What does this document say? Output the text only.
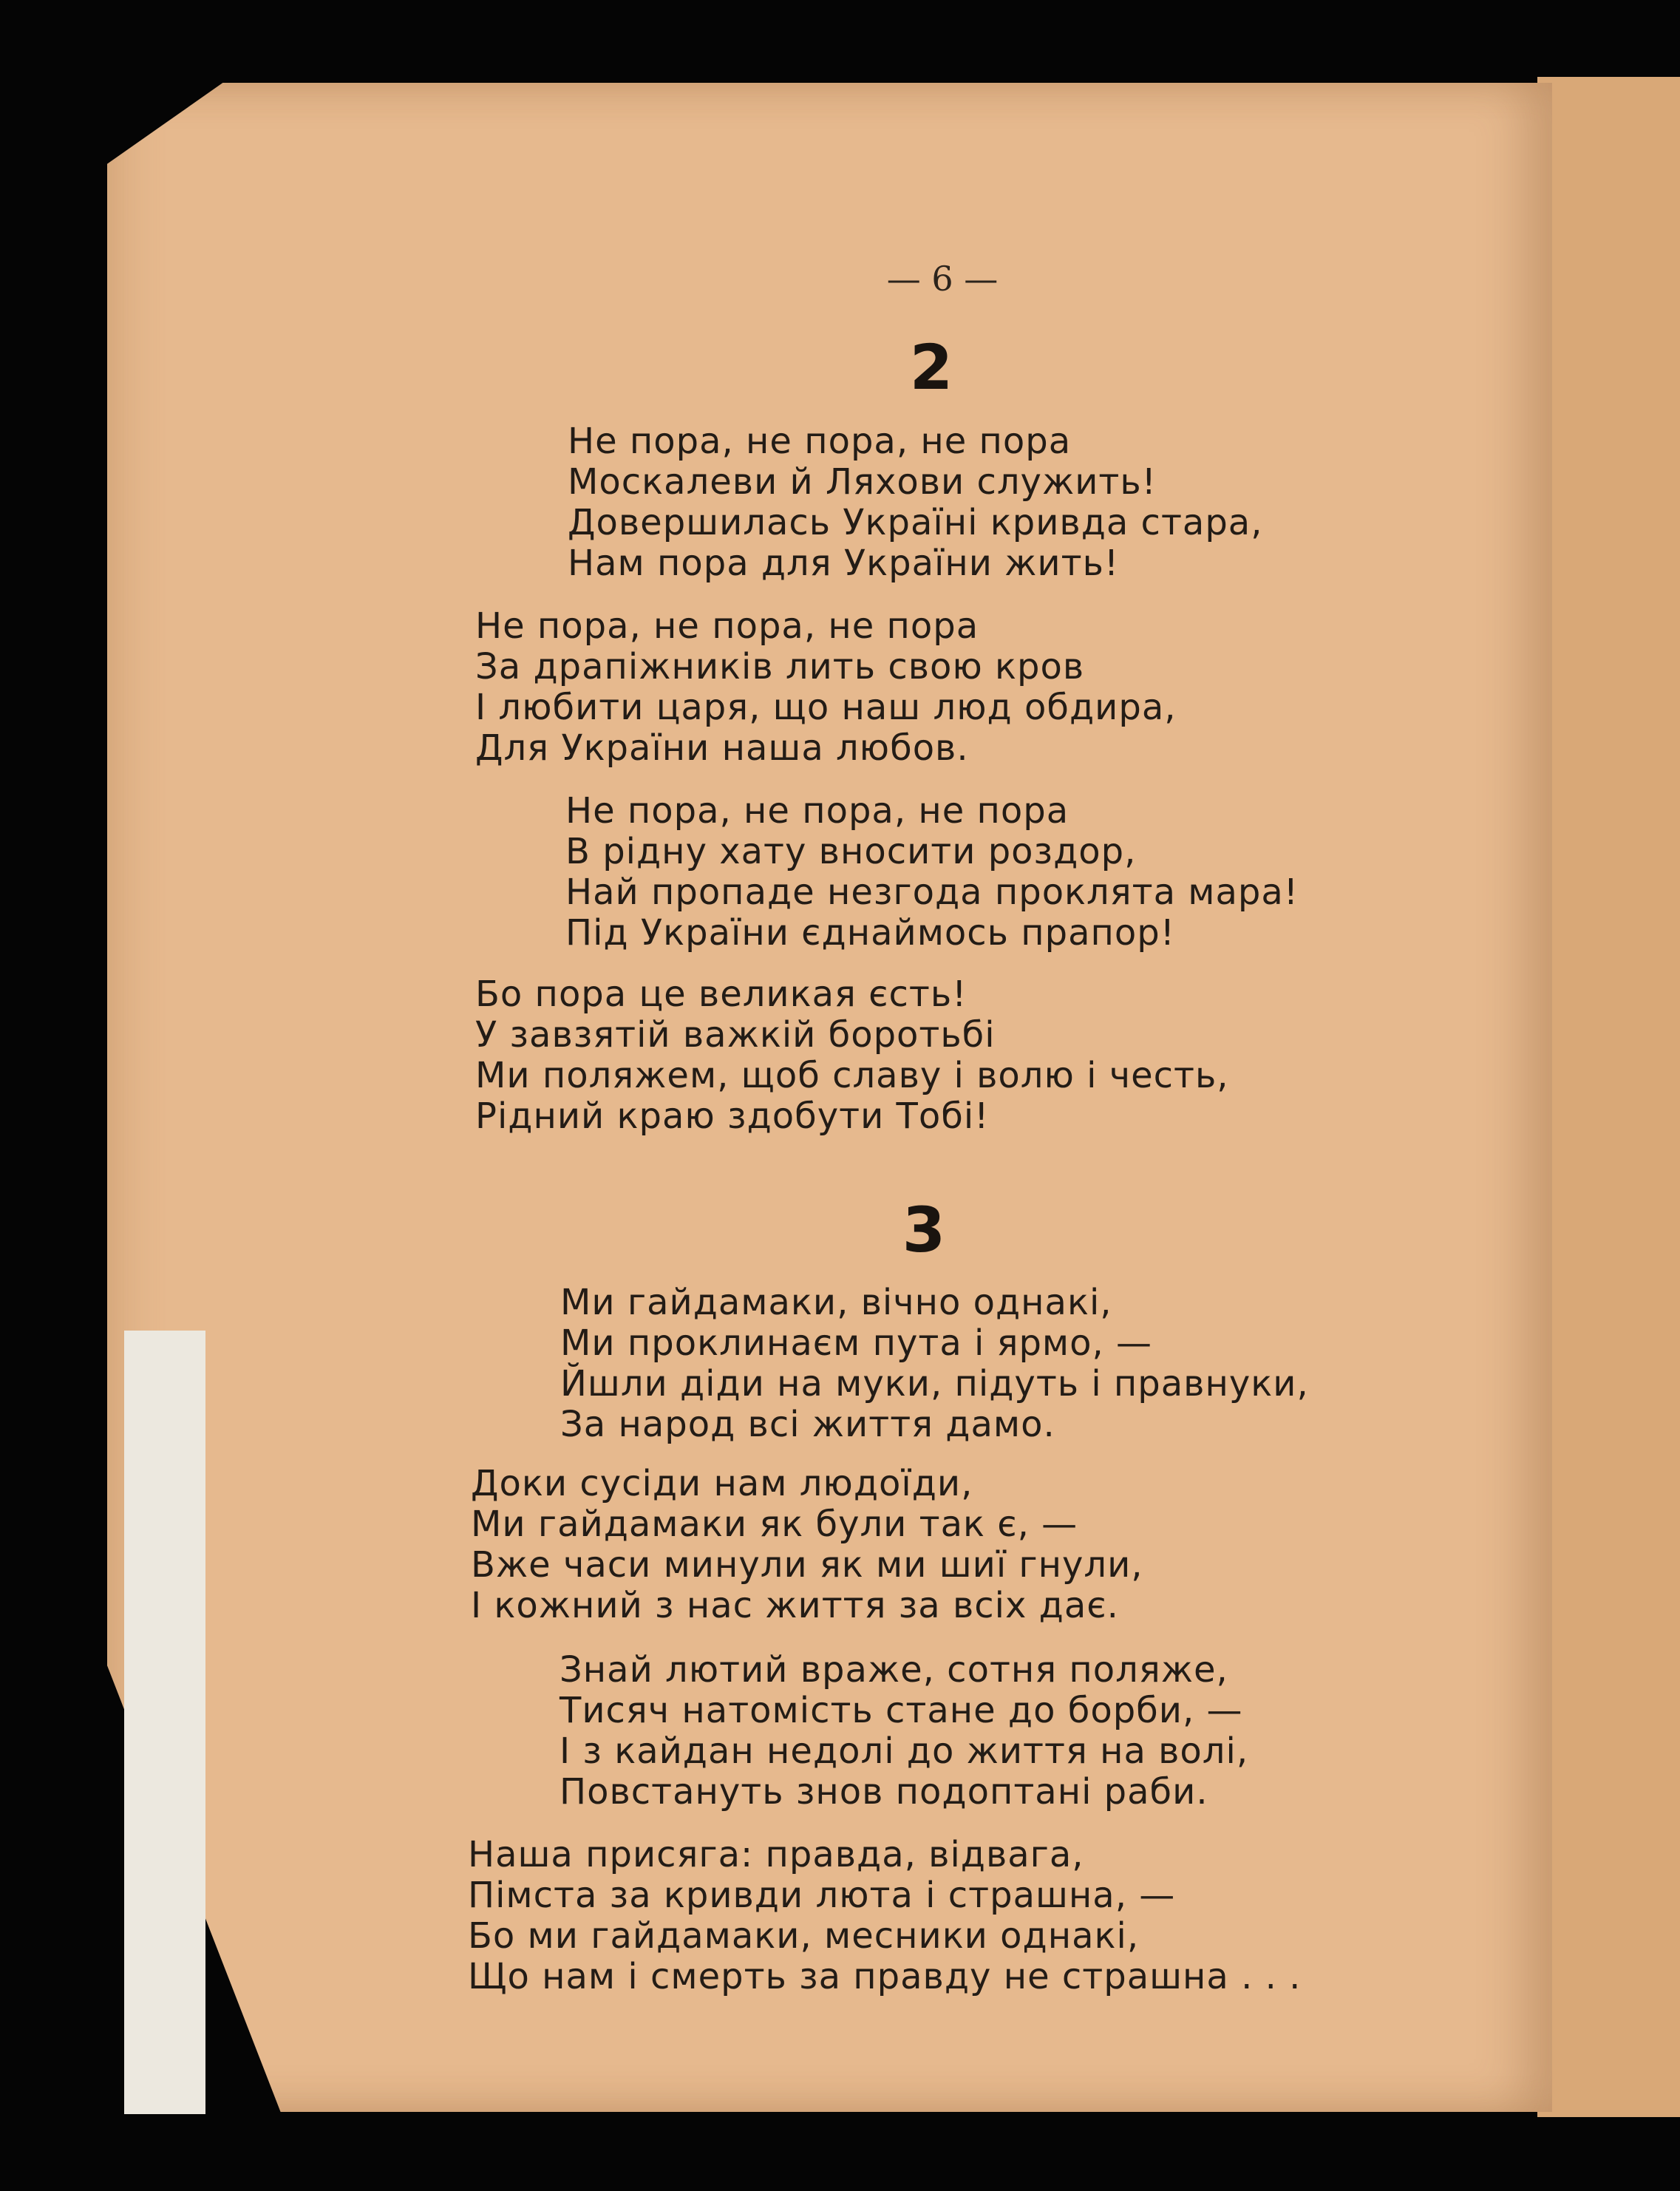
— 6 —
2
Не пора, не пора, не пора
Москалеви й Ляхови служить!
Довершилась Україні кривда стара,
Нам пора для України жить!
Не пора, не пора, не пора
За драпіжників лить свою кров
І любити царя, що наш люд обдира,
Для України наша любов.
Не пора, не пора, не пора
В рідну хату вносити роздор,
Най пропаде незгода проклята мара!
Під України єднаймось прапор!
Бо пора це великая єсть!
У завзятій важкій боротьбі
Ми поляжем, щоб славу і волю і честь,
Рідний краю здобути Тобі!
3
Ми гайдамаки, вічно однакі,
Ми проклинаєм пута і ярмо, —
Йшли діди на муки, підуть і правнуки,
За народ всі життя дамо.
Доки сусіди нам людоїди,
Ми гайдамаки як були так є, —
Вже часи минули як ми шиї гнули,
І кожний з нас життя за всіх дає.
Знай лютий враже, сотня поляже,
Тисяч натомість стане до борби, —
І з кайдан недолі до життя на волі,
Повстануть знов подоптані раби.
Наша присяга: правда, відвага,
Пімста за кривди люта і страшна, —
Бо ми гайдамаки, месники однакі,
Що нам і смерть за правду не страшна . . .
